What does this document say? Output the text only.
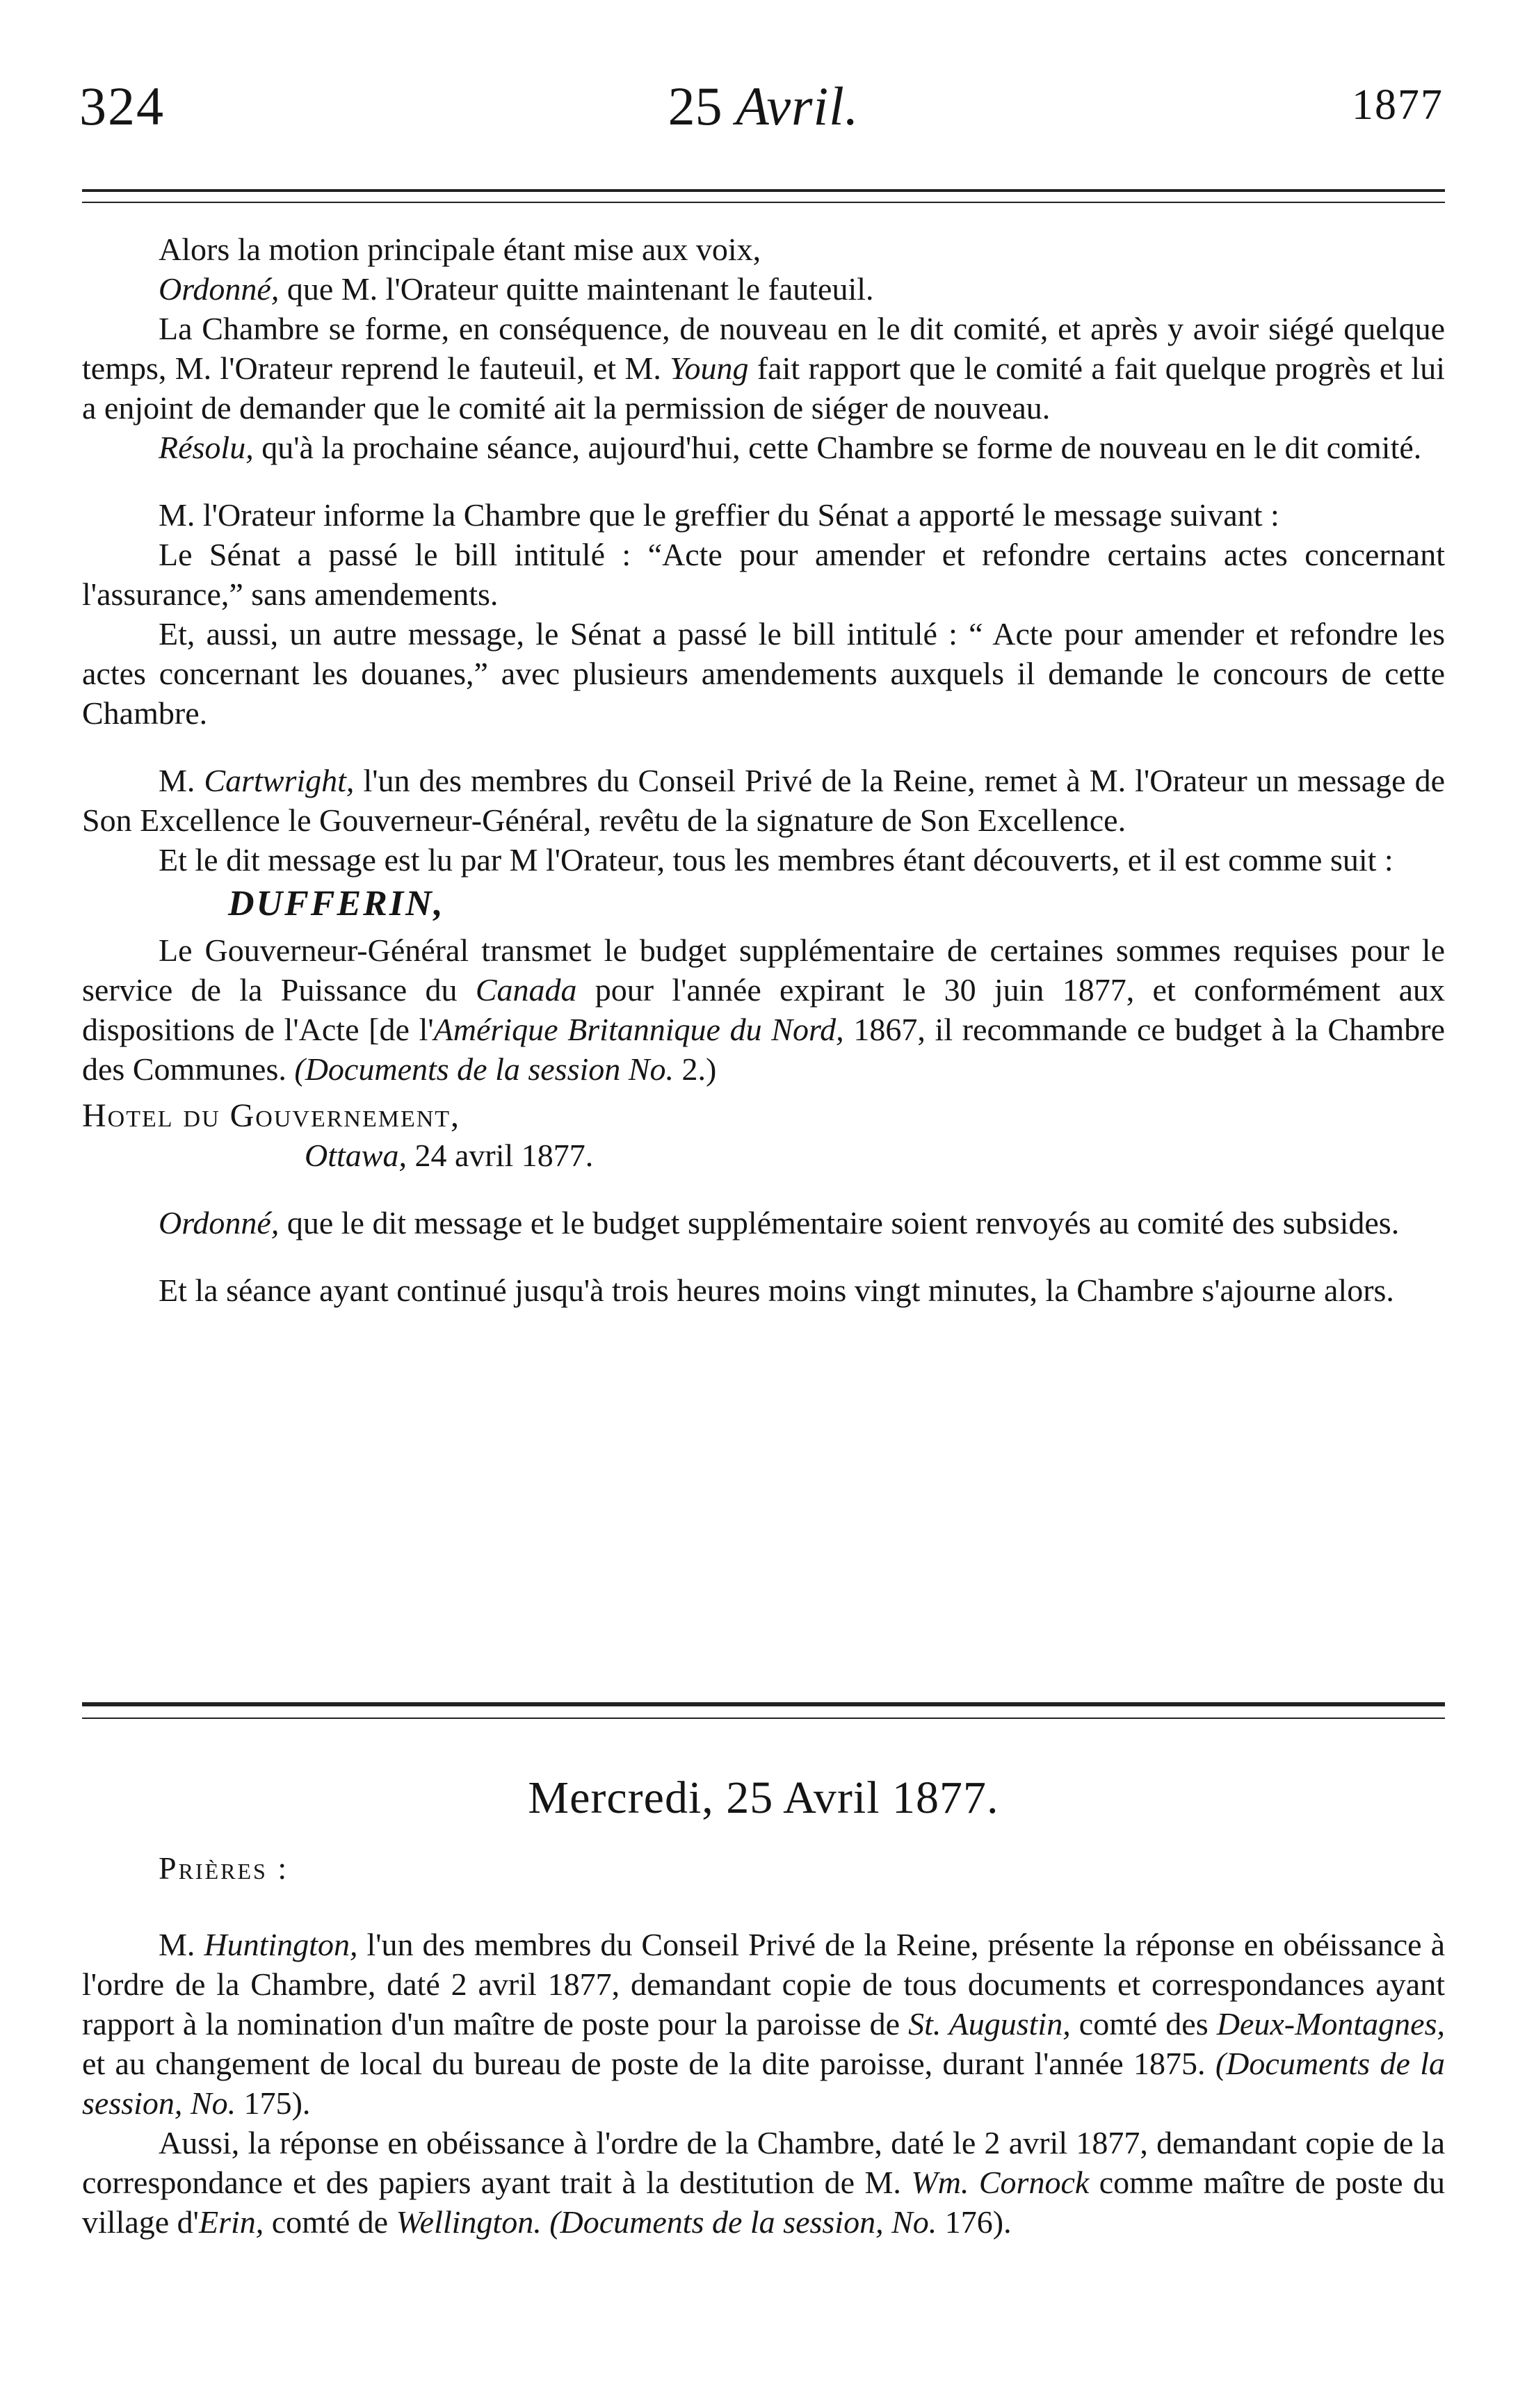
324	25 Avril.	1877

Alors la motion principale étant mise aux voix,

Ordonné, que M. l'Orateur quitte maintenant le fauteuil.

La Chambre se forme, en conséquence, de nouveau en le dit comité, et après y avoir siégé quelque temps, M. l'Orateur reprend le fauteuil, et M. Young fait rapport que le comité a fait quelque progrès et lui a enjoint de demander que le comité ait la permission de siéger de nouveau.

Résolu, qu'à la prochaine séance, aujourd'hui, cette Chambre se forme de nouveau en le dit comité.

M. l'Orateur informe la Chambre que le greffier du Sénat a apporté le message suivant :

Le Sénat a passé le bill intitulé : “Acte pour amender et refondre certains actes concernant l'assurance,” sans amendements.

Et, aussi, un autre message, le Sénat a passé le bill intitulé : “ Acte pour amender et refondre les actes concernant les douanes,” avec plusieurs amendements auxquels il demande le concours de cette Chambre.

M. Cartwright, l'un des membres du Conseil Privé de la Reine, remet à M. l'Orateur un message de Son Excellence le Gouverneur-Général, revêtu de la signature de Son Excellence.

Et le dit message est lu par M l'Orateur, tous les membres étant découverts, et il est comme suit :

DUFFERIN,

Le Gouverneur-Général transmet le budget supplémentaire de certaines sommes requises pour le service de la Puissance du Canada pour l'année expirant le 30 juin 1877, et conformément aux dispositions de l'Acte [de l'Amérique Britannique du Nord, 1867, il recommande ce budget à la Chambre des Communes. (Documents de la session No. 2.)

Hotel du Gouvernement,
Ottawa, 24 avril 1877.

Ordonné, que le dit message et le budget supplémentaire soient renvoyés au comité des subsides.

Et la séance ayant continué jusqu'à trois heures moins vingt minutes, la Chambre s'ajourne alors.

Mercredi, 25 Avril 1877.
Prières :

M. Huntington, l'un des membres du Conseil Privé de la Reine, présente la réponse en obéissance à l'ordre de la Chambre, daté 2 avril 1877, demandant copie de tous documents et correspondances ayant rapport à la nomination d'un maître de poste pour la paroisse de St. Augustin, comté des Deux-Montagnes, et au changement de local du bureau de poste de la dite paroisse, durant l'année 1875. (Documents de la session, No. 175).

Aussi, la réponse en obéissance à l'ordre de la Chambre, daté le 2 avril 1877, demandant copie de la correspondance et des papiers ayant trait à la destitution de M. Wm. Cornock comme maître de poste du village d'Erin, comté de Wellington. (Documents de la session, No. 176).
